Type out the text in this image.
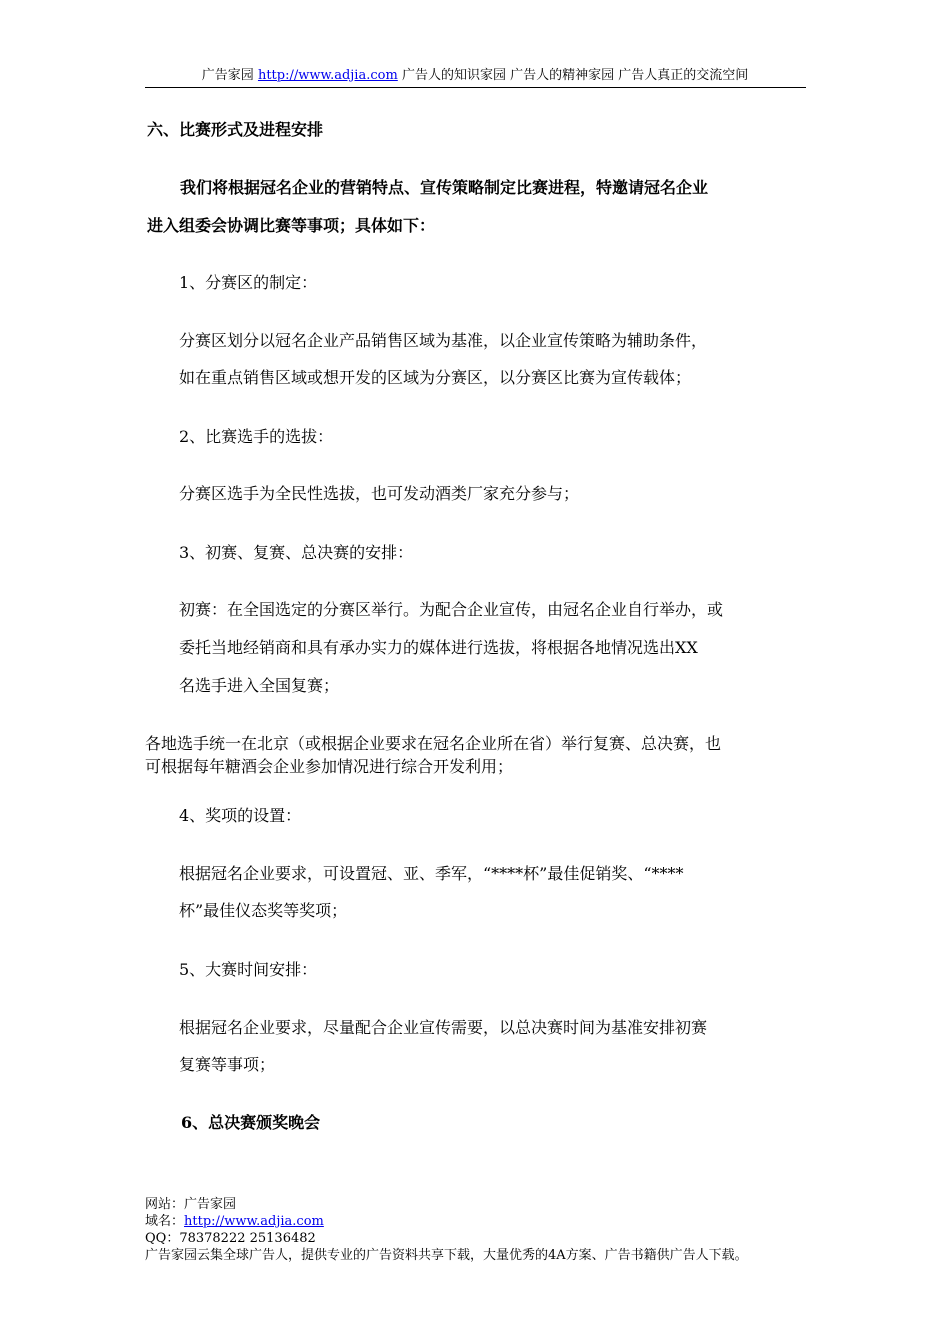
广告家园 http://www.adjia.com 广告人的知识家园 广告人的精神家园 广告人真正的交流空间
六、比赛形式及进程安排
我们将根据冠名企业的营销特点、宣传策略制定比赛进程，特邀请冠名企业
进入组委会协调比赛等事项；具体如下：
1、分赛区的制定：
分赛区划分以冠名企业产品销售区域为基准，以企业宣传策略为辅助条件，
如在重点销售区域或想开发的区域为分赛区，以分赛区比赛为宣传载体；
2、比赛选手的选拔：
分赛区选手为全民性选拔，也可发动酒类厂家充分参与；
3、初赛、复赛、总决赛的安排：
初赛：在全国选定的分赛区举行。为配合企业宣传，由冠名企业自行举办，或
委托当地经销商和具有承办实力的媒体进行选拔，将根据各地情况选出XX
名选手进入全国复赛；
各地选手统一在北京（或根据企业要求在冠名企业所在省）举行复赛、总决赛，也
可根据每年糖酒会企业参加情况进行综合开发利用；
4、奖项的设置：
根据冠名企业要求，可设置冠、亚、季军，“****杯”最佳促销奖、“****
杯”最佳仪态奖等奖项；
5、大赛时间安排：
根据冠名企业要求，尽量配合企业宣传需要，以总决赛时间为基准安排初赛
复赛等事项；
6、总决赛颁奖晚会
网站：广告家园
域名：http://www.adjia.com
QQ：78378222 25136482
广告家园云集全球广告人，提供专业的广告资料共享下载，大量优秀的4A方案、广告书籍供广告人下载。
